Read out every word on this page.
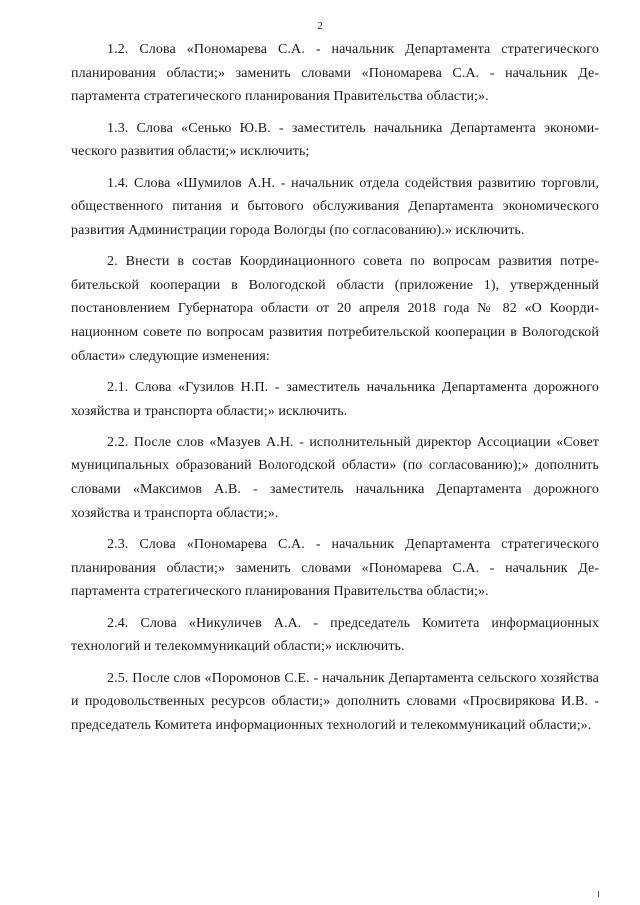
2

1.2. Слова «Пономарева С.А. - начальник Департамента стратегического планирования области;» заменить словами «Пономарева С.А. - начальник Департамента стратегического планирования Правительства области;».

1.3. Слова «Сенько Ю.В. - заместитель начальника Департамента экономического развития области;» исключить;

1.4. Слова «Шумилов А.Н. - начальник отдела содействия развитию торговли, общественного питания и бытового обслуживания Департамента экономического развития Администрации города Вологды (по согласованию).» исключить.

2. Внести в состав Координационного совета по вопросам развития потребительской кооперации в Вологодской области (приложение 1), утвержденный постановлением Губернатора области от 20 апреля 2018 года № 82 «О Координационном совете по вопросам развития потребительской кооперации в Вологодской области» следующие изменения:

2.1. Слова «Гузилов Н.П. - заместитель начальника Департамента дорожного хозяйства и транспорта области;» исключить.

2.2. После слов «Мазуев А.Н. - исполнительный директор Ассоциации «Совет муниципальных образований Вологодской области» (по согласованию);» дополнить словами «Максимов А.В. - заместитель начальника Департамента дорожного хозяйства и транспорта области;».

2.3. Слова «Пономарева С.А. - начальник Департамента стратегического планирования области;» заменить словами «Пономарева С.А. - начальник Департамента стратегического планирования Правительства области;».

2.4. Слова «Никуличев А.А. - председатель Комитета информационных технологий и телекоммуникаций области;» исключить.

2.5. После слов «Поромонов С.Е. - начальник Департамента сельского хозяйства и продовольственных ресурсов области;» дополнить словами «Просвирякова И.В. - председатель Комитета информационных технологий и телекоммуникаций области;».
